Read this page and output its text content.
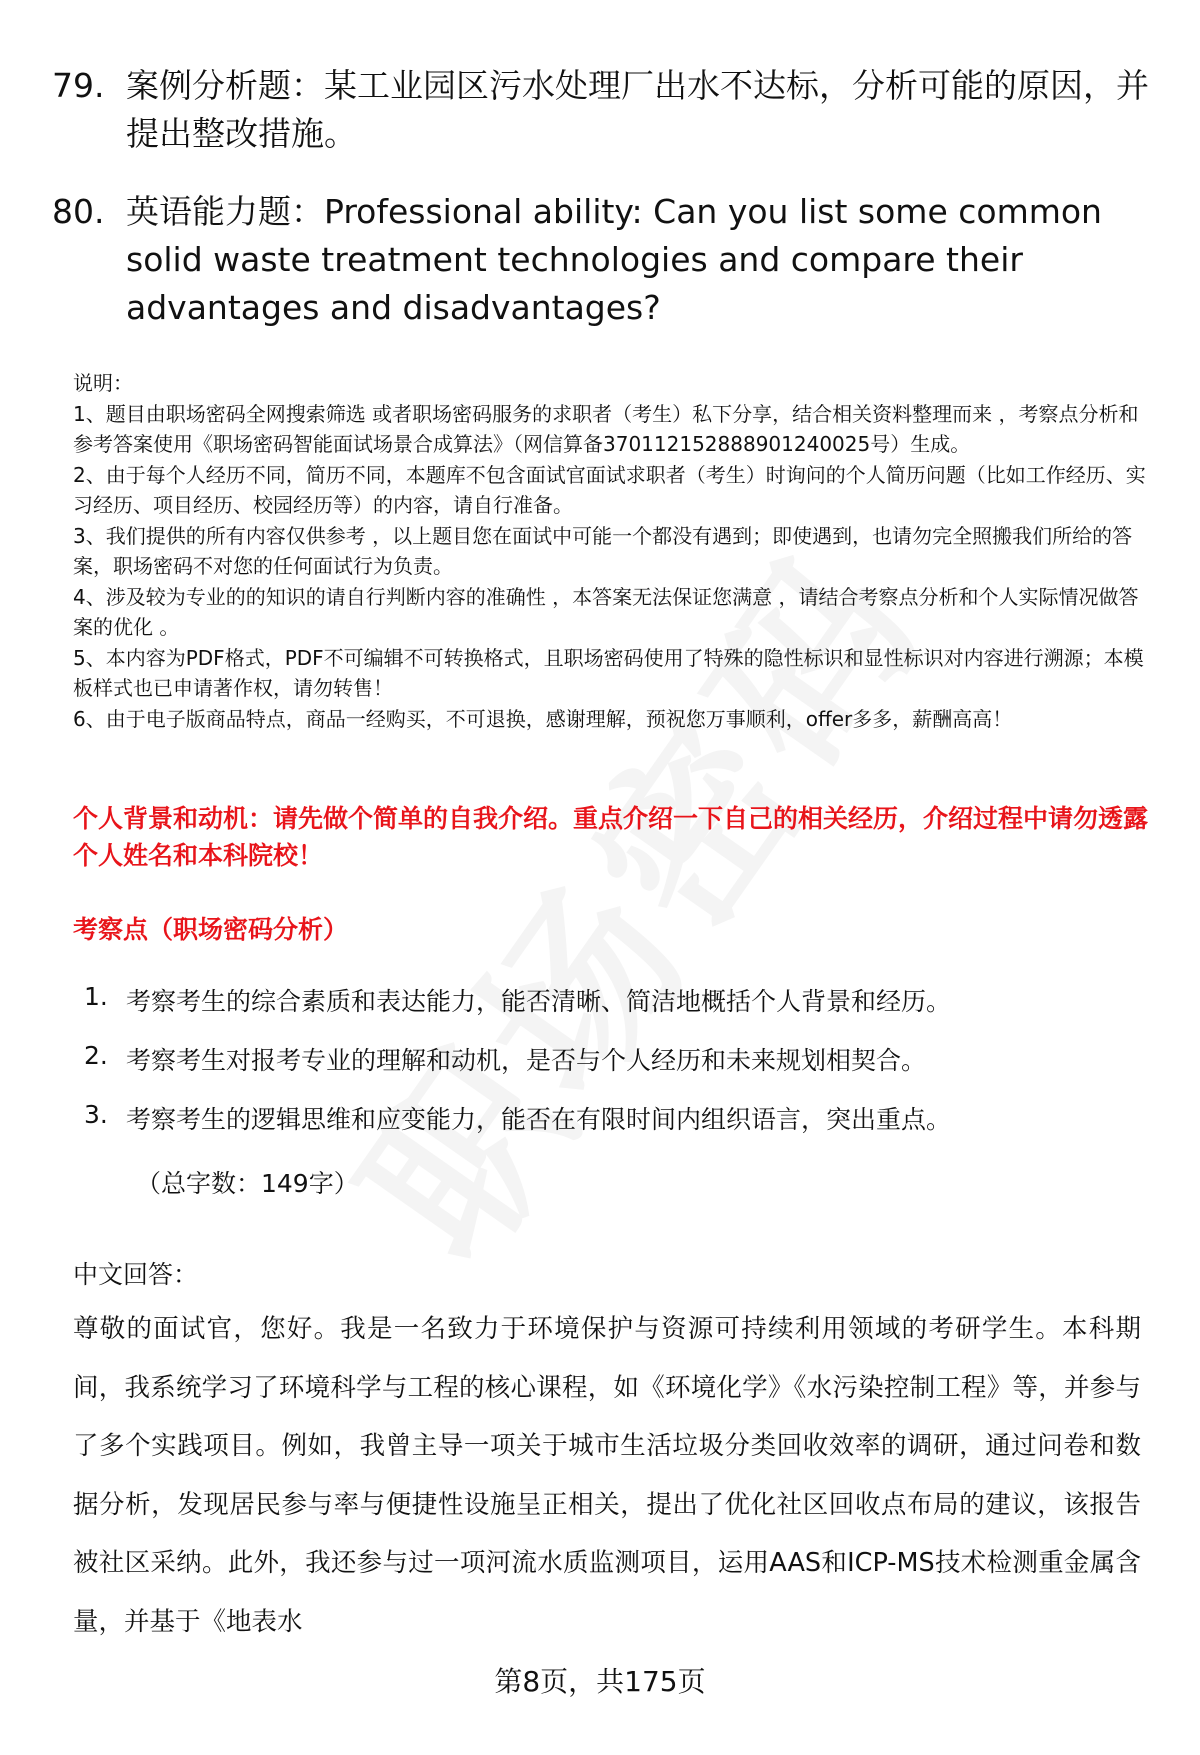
79. 案例分析题：某工业园区污水处理厂出水不达标，分析可能的原因，并提出整改措施。
80. 英语能力题：Professional ability: Can you list some common solid waste treatment technologies and compare their advantages and disadvantages?
说明：
1、题目由职场密码全网搜索筛选 或者职场密码服务的求职者（考生）私下分享，结合相关资料整理而来 ，考察点分析和参考答案使用《职场密码智能面试场景合成算法》（网信算备370112152888901240025号）生成。
2、由于每个人经历不同，简历不同，本题库不包含面试官面试求职者（考生）时询问的个人简历问题（比如工作经历、实习经历、项目经历、校园经历等）的内容，请自行准备。
3、我们提供的所有内容仅供参考 ，以上题目您在面试中可能一个都没有遇到；即使遇到，也请勿完全照搬我们所给的答案，职场密码不对您的任何面试行为负责。
4、涉及较为专业的的知识的请自行判断内容的准确性 ，本答案无法保证您满意 ，请结合考察点分析和个人实际情况做答案的优化 。
5、本内容为PDF格式，PDF不可编辑不可转换格式，且职场密码使用了特殊的隐性标识和显性标识对内容进行溯源；本模板样式也已申请著作权，请勿转售！
6、由于电子版商品特点，商品一经购买，不可退换，感谢理解，预祝您万事顺利，offer多多，薪酬高高！
个人背景和动机：请先做个简单的自我介绍。重点介绍一下自己的相关经历，介绍过程中请勿透露个人姓名和本科院校！
考察点（职场密码分析）
1. 考察考生的综合素质和表达能力，能否清晰、简洁地概括个人背景和经历。
2. 考察考生对报考专业的理解和动机，是否与个人经历和未来规划相契合。
3. 考察考生的逻辑思维和应变能力，能否在有限时间内组织语言，突出重点。
（总字数：149字）
中文回答：
尊敬的面试官，您好。我是一名致力于环境保护与资源可持续利用领域的考研学生。本科期间，我系统学习了环境科学与工程的核心课程，如《环境化学》《水污染控制工程》等，并参与了多个实践项目。例如，我曾主导一项关于城市生活垃圾分类回收效率的调研，通过问卷和数据分析，发现居民参与率与便捷性设施呈正相关，提出了优化社区回收点布局的建议，该报告被社区采纳。此外，我还参与过一项河流水质监测项目，运用AAS和ICP-MS技术检测重金属含量，并基于《地表水
第8页，共175页
